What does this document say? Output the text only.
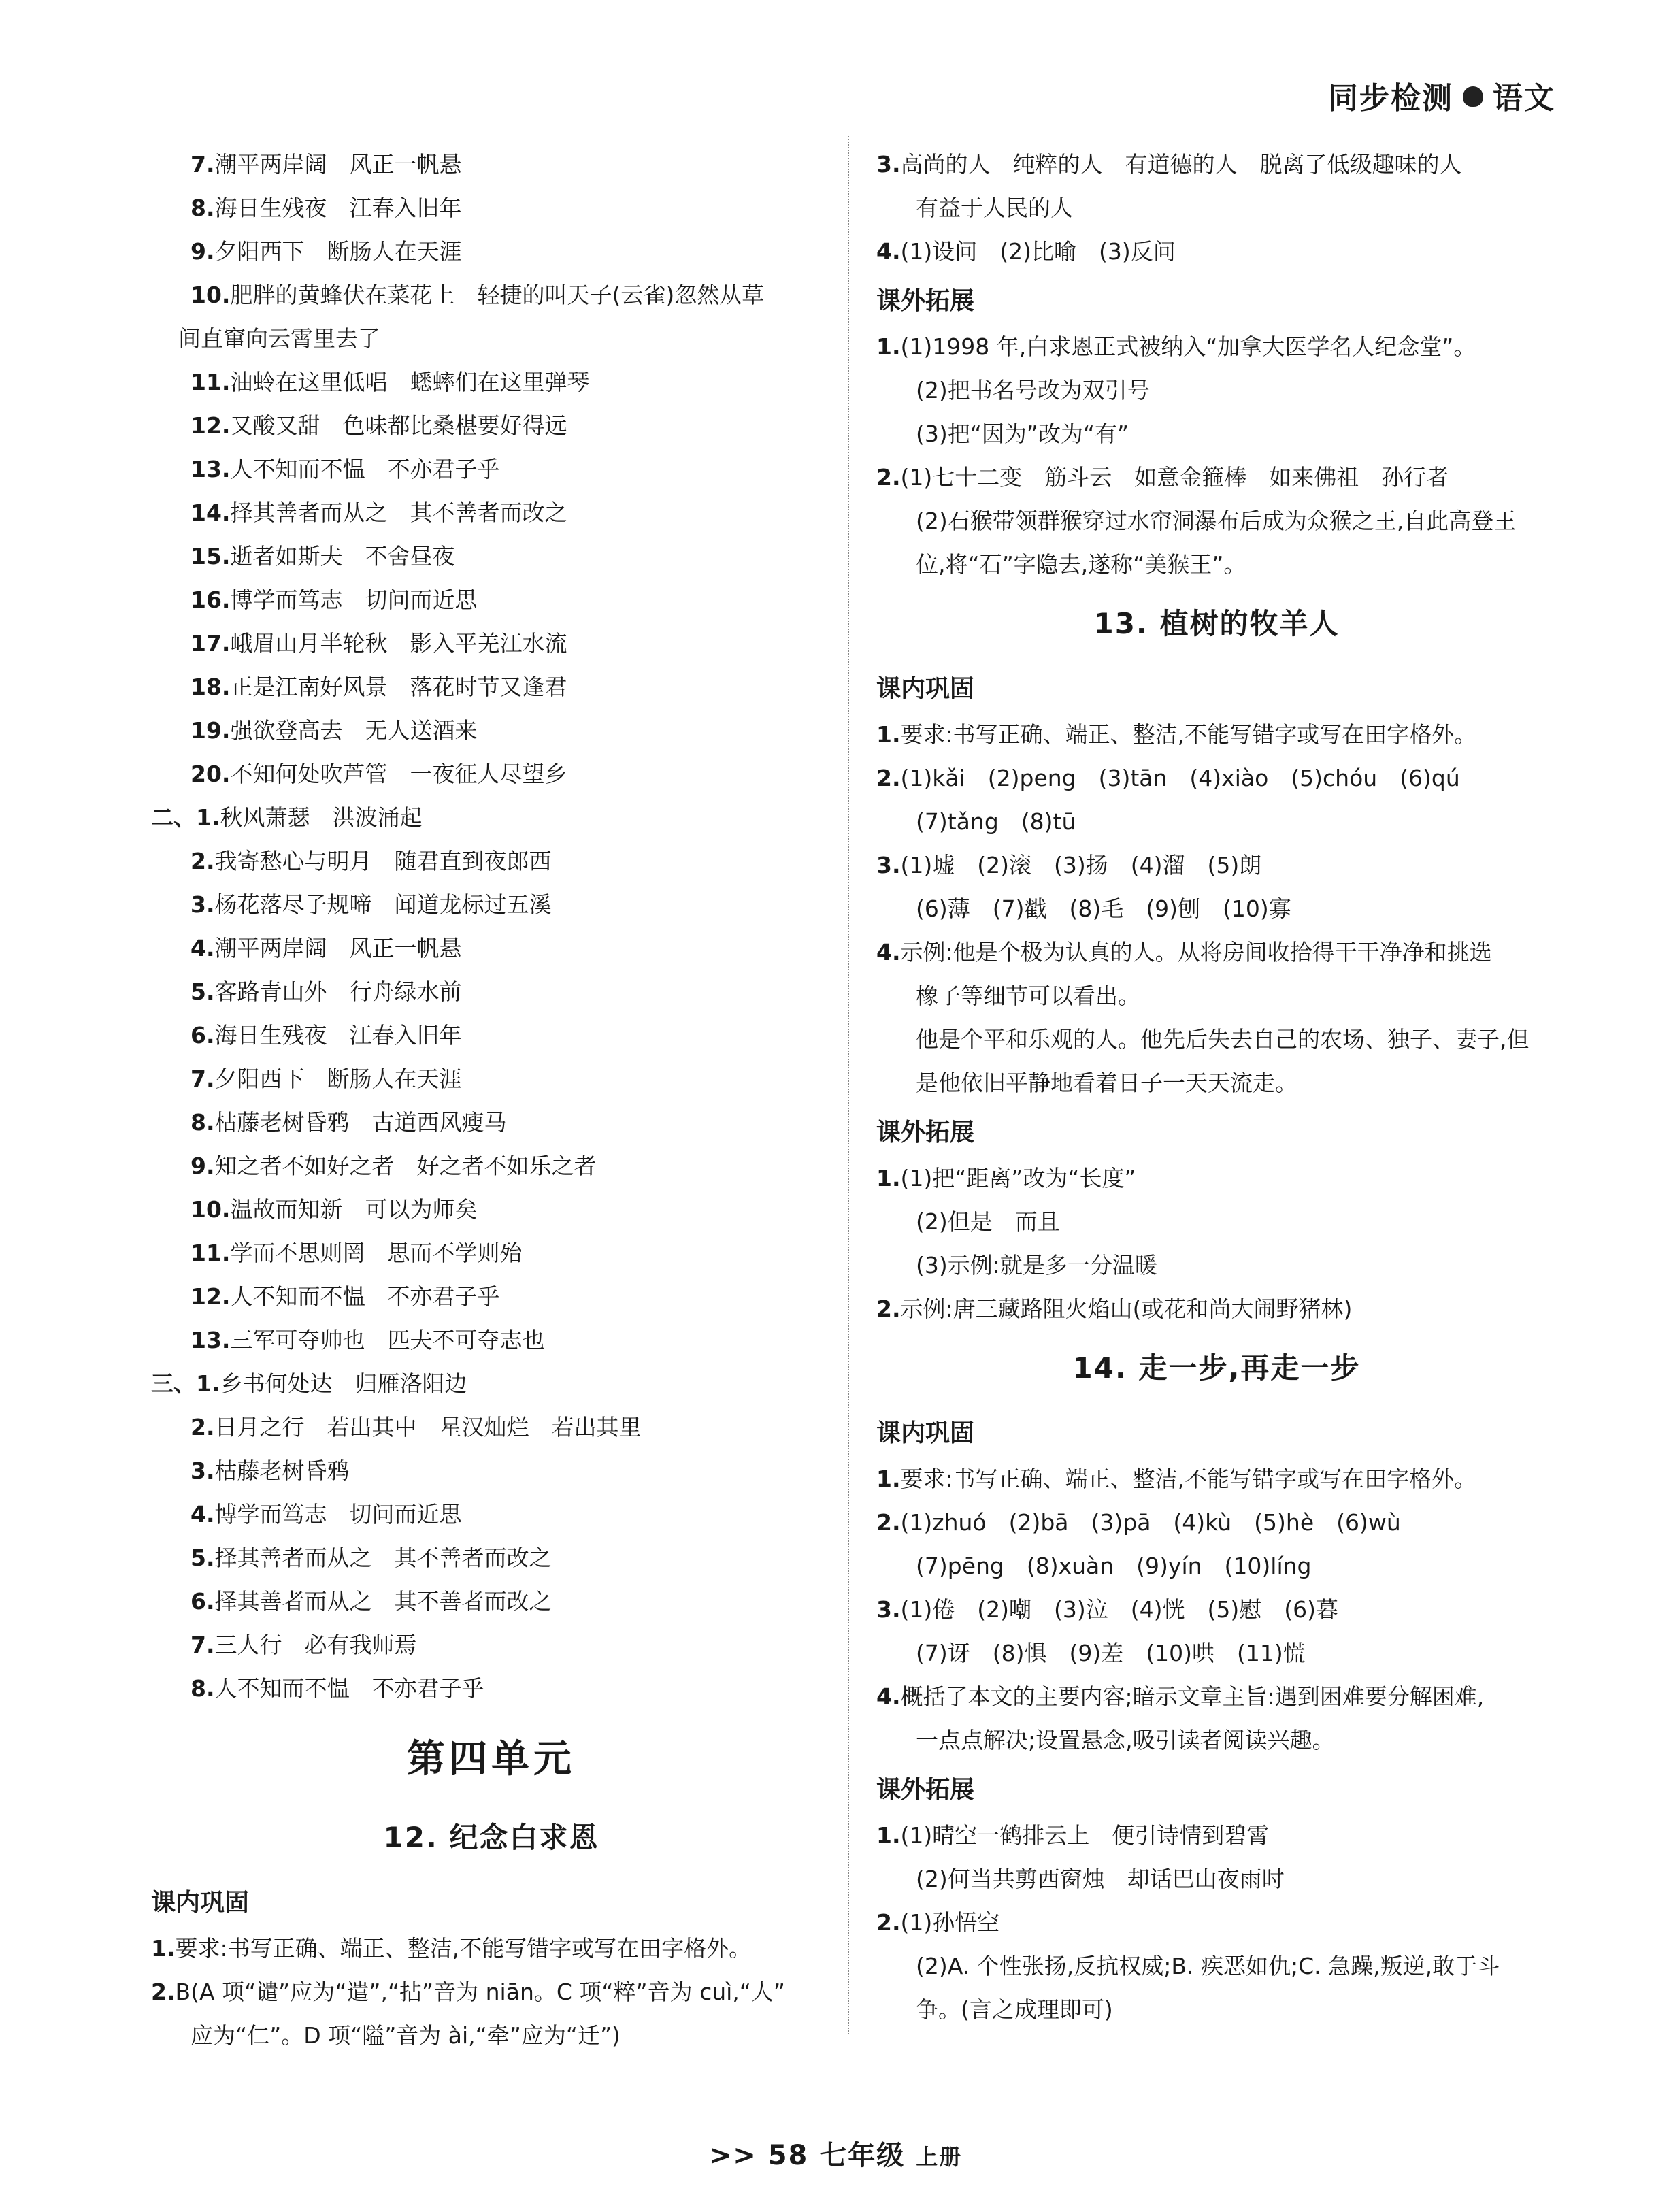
同步检测 语文
7.潮平两岸阔　风正一帆悬
8.海日生残夜　江春入旧年
9.夕阳西下　断肠人在天涯
10.肥胖的黄蜂伏在菜花上　轻捷的叫天子(云雀)忽然从草
间直窜向云霄里去了
11.油蛉在这里低唱　蟋蟀们在这里弹琴
12.又酸又甜　色味都比桑椹要好得远
13.人不知而不愠　不亦君子乎
14.择其善者而从之　其不善者而改之
15.逝者如斯夫　不舍昼夜
16.博学而笃志　切问而近思
17.峨眉山月半轮秋　影入平羌江水流
18.正是江南好风景　落花时节又逢君
19.强欲登高去　无人送酒来
20.不知何处吹芦管　一夜征人尽望乡
二、1.秋风萧瑟　洪波涌起
2.我寄愁心与明月　随君直到夜郎西
3.杨花落尽子规啼　闻道龙标过五溪
4.潮平两岸阔　风正一帆悬
5.客路青山外　行舟绿水前
6.海日生残夜　江春入旧年
7.夕阳西下　断肠人在天涯
8.枯藤老树昏鸦　古道西风瘦马
9.知之者不如好之者　好之者不如乐之者
10.温故而知新　可以为师矣
11.学而不思则罔　思而不学则殆
12.人不知而不愠　不亦君子乎
13.三军可夺帅也　匹夫不可夺志也
三、1.乡书何处达　归雁洛阳边
2.日月之行　若出其中　星汉灿烂　若出其里
3.枯藤老树昏鸦
4.博学而笃志　切问而近思
5.择其善者而从之　其不善者而改之
6.择其善者而从之　其不善者而改之
7.三人行　必有我师焉
8.人不知而不愠　不亦君子乎
第四单元
12. 纪念白求恩
课内巩固
1.要求:书写正确、端正、整洁,不能写错字或写在田字格外。
2.B(A 项“谴”应为“遣”,“拈”音为 niān。C 项“粹”音为 cuì,“人”
应为“仁”。D 项“隘”音为 ài,“牵”应为“迁”)
3.高尚的人　纯粹的人　有道德的人　脱离了低级趣味的人
有益于人民的人
4.(1)设问　(2)比喻　(3)反问
课外拓展
1.(1)1998 年,白求恩正式被纳入“加拿大医学名人纪念堂”。
(2)把书名号改为双引号
(3)把“因为”改为“有”
2.(1)七十二变　筋斗云　如意金箍棒　如来佛祖　孙行者
(2)石猴带领群猴穿过水帘洞瀑布后成为众猴之王,自此高登王
位,将“石”字隐去,遂称“美猴王”。
13. 植树的牧羊人
课内巩固
1.要求:书写正确、端正、整洁,不能写错字或写在田字格外。
2.(1)kǎi　(2)peng　(3)tān　(4)xiào　(5)chóu　(6)qú
(7)tǎng　(8)tū
3.(1)墟　(2)滚　(3)扬　(4)溜　(5)朗
(6)薄　(7)戳　(8)毛　(9)刨　(10)寡
4.示例:他是个极为认真的人。从将房间收拾得干干净净和挑选
橡子等细节可以看出。
他是个平和乐观的人。他先后失去自己的农场、独子、妻子,但
是他依旧平静地看着日子一天天流走。
课外拓展
1.(1)把“距离”改为“长度”
(2)但是　而且
(3)示例:就是多一分温暖
2.示例:唐三藏路阻火焰山(或花和尚大闹野猪林)
14. 走一步,再走一步
课内巩固
1.要求:书写正确、端正、整洁,不能写错字或写在田字格外。
2.(1)zhuó　(2)bā　(3)pā　(4)kù　(5)hè　(6)wù
(7)pēng　(8)xuàn　(9)yín　(10)líng
3.(1)倦　(2)嘲　(3)泣　(4)恍　(5)慰　(6)暮
(7)讶　(8)惧　(9)差　(10)哄　(11)慌
4.概括了本文的主要内容;暗示文章主旨:遇到困难要分解困难,
一点点解决;设置悬念,吸引读者阅读兴趣。
课外拓展
1.(1)晴空一鹤排云上　便引诗情到碧霄
(2)何当共剪西窗烛　却话巴山夜雨时
2.(1)孙悟空
(2)A. 个性张扬,反抗权威;B. 疾恶如仇;C. 急躁,叛逆,敢于斗
争。(言之成理即可)
>> 58 七年级 上册
